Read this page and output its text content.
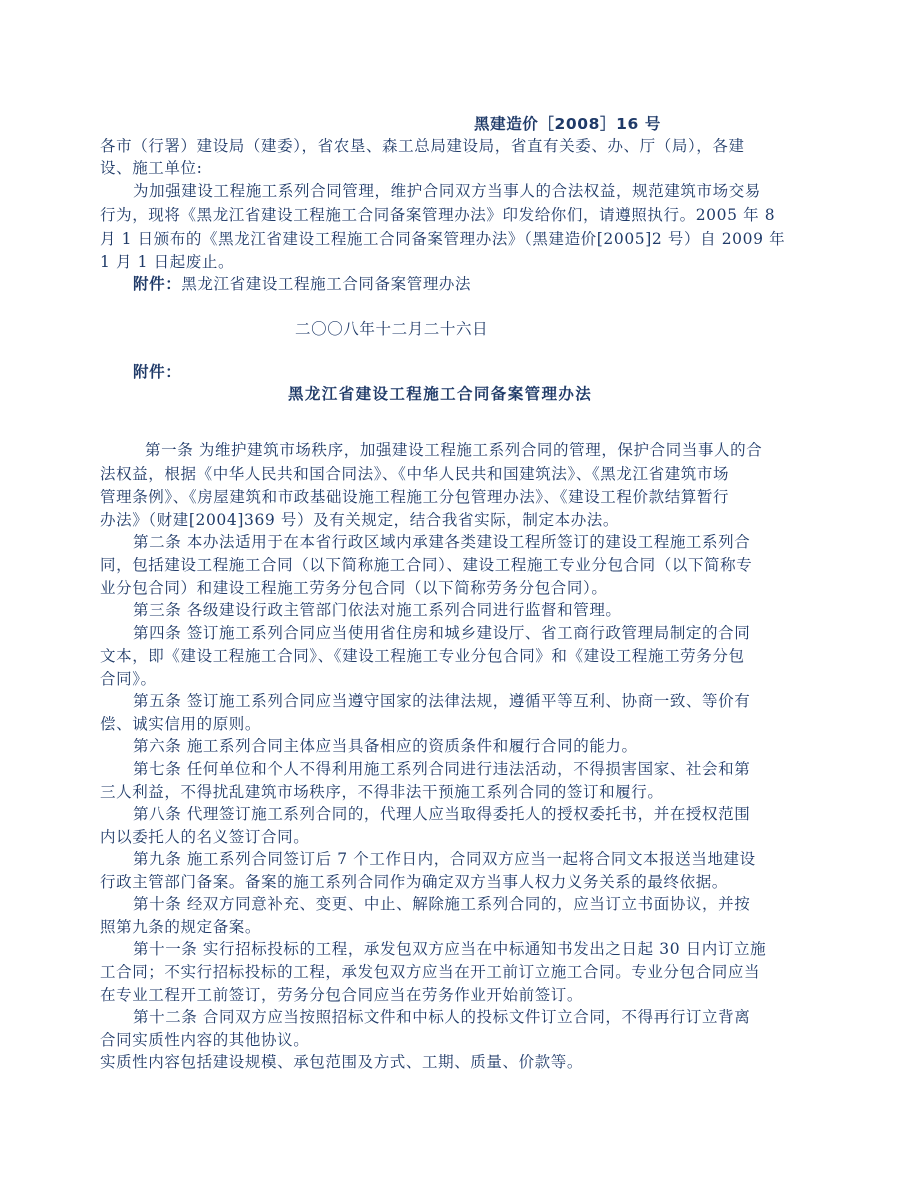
黑建造价［2008］16 号
各市（行署）建设局（建委），省农垦、森工总局建设局，省直有关委、办、厅（局），各建
设、施工单位:
为加强建设工程施工系列合同管理，维护合同双方当事人的合法权益，规范建筑市场交易
行为，现将《黑龙江省建设工程施工合同备案管理办法》印发给你们，请遵照执行。2005 年 8
月 1 日颁布的《黑龙江省建设工程施工合同备案管理办法》（黑建造价[2005]2 号）自 2009 年
1 月 1 日起废止。
附件：黑龙江省建设工程施工合同备案管理办法
二〇〇八年十二月二十六日
附件：
黑龙江省建设工程施工合同备案管理办法
第一条 为维护建筑市场秩序，加强建设工程施工系列合同的管理，保护合同当事人的合
法权益，根据《中华人民共和国合同法》、《中华人民共和国建筑法》、《黑龙江省建筑市场
管理条例》、《房屋建筑和市政基础设施工程施工分包管理办法》、《建设工程价款结算暂行
办法》（财建[2004]369 号）及有关规定，结合我省实际，制定本办法。
第二条 本办法适用于在本省行政区域内承建各类建设工程所签订的建设工程施工系列合
同，包括建设工程施工合同（以下简称施工合同）、建设工程施工专业分包合同（以下简称专
业分包合同）和建设工程施工劳务分包合同（以下简称劳务分包合同）。
第三条 各级建设行政主管部门依法对施工系列合同进行监督和管理。
第四条 签订施工系列合同应当使用省住房和城乡建设厅、省工商行政管理局制定的合同
文本，即《建设工程施工合同》、《建设工程施工专业分包合同》和《建设工程施工劳务分包
合同》。
第五条 签订施工系列合同应当遵守国家的法律法规，遵循平等互利、协商一致、等价有
偿、诚实信用的原则。
第六条 施工系列合同主体应当具备相应的资质条件和履行合同的能力。
第七条 任何单位和个人不得利用施工系列合同进行违法活动，不得损害国家、社会和第
三人利益，不得扰乱建筑市场秩序，不得非法干预施工系列合同的签订和履行。
第八条 代理签订施工系列合同的，代理人应当取得委托人的授权委托书，并在授权范围
内以委托人的名义签订合同。
第九条 施工系列合同签订后 7 个工作日内，合同双方应当一起将合同文本报送当地建设
行政主管部门备案。备案的施工系列合同作为确定双方当事人权力义务关系的最终依据。
第十条 经双方同意补充、变更、中止、解除施工系列合同的，应当订立书面协议，并按
照第九条的规定备案。
第十一条 实行招标投标的工程，承发包双方应当在中标通知书发出之日起 30 日内订立施
工合同；不实行招标投标的工程，承发包双方应当在开工前订立施工合同。专业分包合同应当
在专业工程开工前签订，劳务分包合同应当在劳务作业开始前签订。
第十二条 合同双方应当按照招标文件和中标人的投标文件订立合同，不得再行订立背离
合同实质性内容的其他协议。
实质性内容包括建设规模、承包范围及方式、工期、质量、价款等。
